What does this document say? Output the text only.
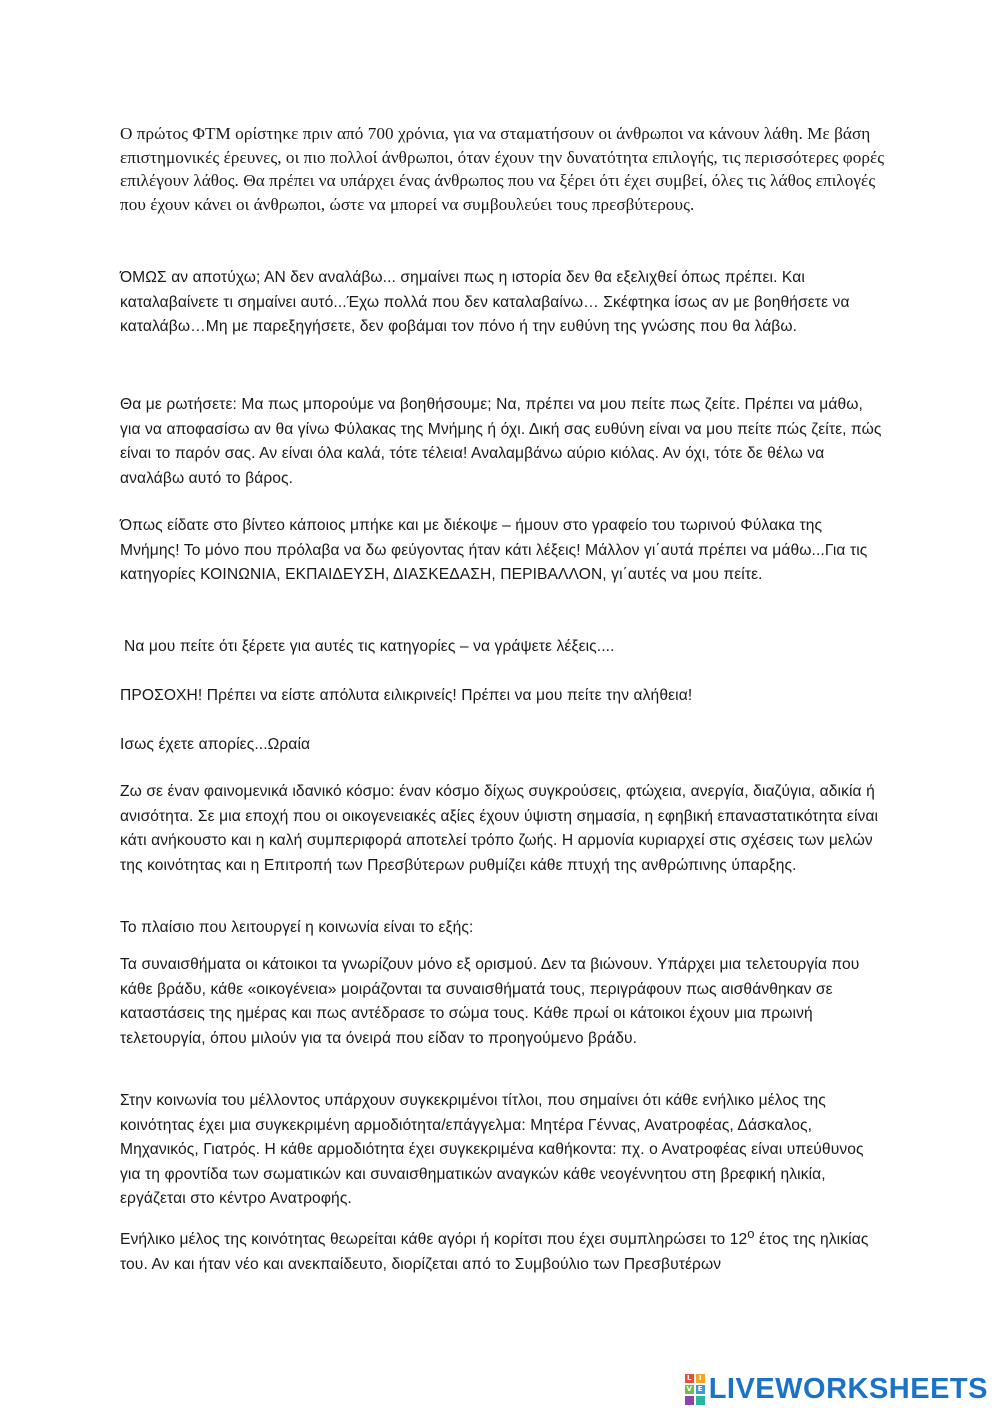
Ο πρώτος ΦΤΜ ορίστηκε πριν από 700 χρόνια, για να σταματήσουν οι άνθρωποι να κάνουν λάθη. Με βάση επιστημονικές έρευνες, οι πιο πολλοί άνθρωποι, όταν έχουν την δυνατότητα επιλογής, τις περισσότερες φορές επιλέγουν λάθος. Θα πρέπει να υπάρχει ένας άνθρωπος που να ξέρει ότι έχει συμβεί, όλες τις λάθος επιλογές που έχουν κάνει οι άνθρωποι, ώστε να μπορεί να συμβουλεύει τους πρεσβύτερους.

ΌΜΩΣ αν αποτύχω; ΑΝ δεν αναλάβω... σημαίνει πως η ιστορία δεν θα εξελιχθεί όπως πρέπει. Και καταλαβαίνετε τι σημαίνει αυτό...Έχω πολλά που δεν καταλαβαίνω… Σκέφτηκα ίσως αν με βοηθήσετε να καταλάβω…Μη με παρεξηγήσετε, δεν φοβάμαι τον πόνο ή την ευθύνη της γνώσης που θα λάβω.

Θα με ρωτήσετε: Μα πως μπορούμε να βοηθήσουμε; Να, πρέπει να μου πείτε πως ζείτε. Πρέπει να μάθω, για να αποφασίσω αν θα γίνω Φύλακας της Μνήμης ή όχι. Δική σας ευθύνη είναι να μου πείτε πώς ζείτε, πώς είναι το παρόν σας. Αν είναι όλα καλά, τότε τέλεια! Αναλαμβάνω αύριο κιόλας. Αν όχι, τότε δε θέλω να αναλάβω αυτό το βάρος.

Όπως είδατε στο βίντεο κάποιος μπήκε και με διέκοψε – ήμουν στο γραφείο του τωρινού Φύλακα της Μνήμης! Το μόνο που πρόλαβα να δω φεύγοντας ήταν κάτι λέξεις! Μάλλον γι΄αυτά πρέπει να μάθω...Για τις κατηγορίες ΚΟΙΝΩΝΙΑ, ΕΚΠΑΙΔΕΥΣΗ, ΔΙΑΣΚΕΔΑΣΗ, ΠΕΡΙΒΑΛΛΟΝ, γι΄αυτές να μου πείτε.

Να μου πείτε ότι ξέρετε για αυτές τις κατηγορίες – να γράψετε λέξεις....

ΠΡΟΣΟΧΗ! Πρέπει να είστε απόλυτα ειλικρινείς! Πρέπει να μου πείτε την αλήθεια!

Ισως έχετε απορίες...Ωραία

Ζω σε έναν φαινομενικά ιδανικό κόσμο: έναν κόσμο δίχως συγκρούσεις, φτώχεια, ανεργία, διαζύγια, αδικία ή ανισότητα. Σε μια εποχή που οι οικογενειακές αξίες έχουν ύψιστη σημασία, η εφηβική επαναστατικότητα είναι κάτι ανήκουστο και η καλή συμπεριφορά αποτελεί τρόπο ζωής. Η αρμονία κυριαρχεί στις σχέσεις των μελών της κοινότητας και η Επιτροπή των Πρεσβύτερων ρυθμίζει κάθε πτυχή της ανθρώπινης ύπαρξης.

Το πλαίσιο που λειτουργεί η κοινωνία είναι το εξής:

Τα συναισθήματα οι κάτοικοι τα γνωρίζουν μόνο εξ ορισμού. Δεν τα βιώνουν. Υπάρχει μια τελετουργία που κάθε βράδυ, κάθε «οικογένεια» μοιράζονται τα συναισθήματά τους, περιγράφουν πως αισθάνθηκαν σε καταστάσεις της ημέρας και πως αντέδρασε το σώμα τους. Κάθε πρωί οι κάτοικοι έχουν μια πρωινή τελετουργία, όπου μιλούν για τα όνειρά που είδαν το προηγούμενο βράδυ.

Στην κοινωνία του μέλλοντος υπάρχουν συγκεκριμένοι τίτλοι, που σημαίνει ότι κάθε ενήλικο μέλος της κοινότητας έχει μια συγκεκριμένη αρμοδιότητα/επάγγελμα: Μητέρα Γέννας, Ανατροφέας, Δάσκαλος, Μηχανικός, Γιατρός. Η κάθε αρμοδιότητα έχει συγκεκριμένα καθήκοντα: πχ. ο Ανατροφέας είναι υπεύθυνος για τη φροντίδα των σωματικών και συναισθηματικών αναγκών κάθε νεογέννητου στη βρεφική ηλικία, εργάζεται στο κέντρο Ανατροφής.

Ενήλικο μέλος της κοινότητας θεωρείται κάθε αγόρι ή κορίτσι που έχει συμπληρώσει το $12^o$ έτος της ηλικίας του. Αν και ήταν νέο και ανεκπαίδευτο, διορίζεται από το Συμβούλιο των Πρεσβυτέρων

L	I
V E LIVEWORKSHEETS
